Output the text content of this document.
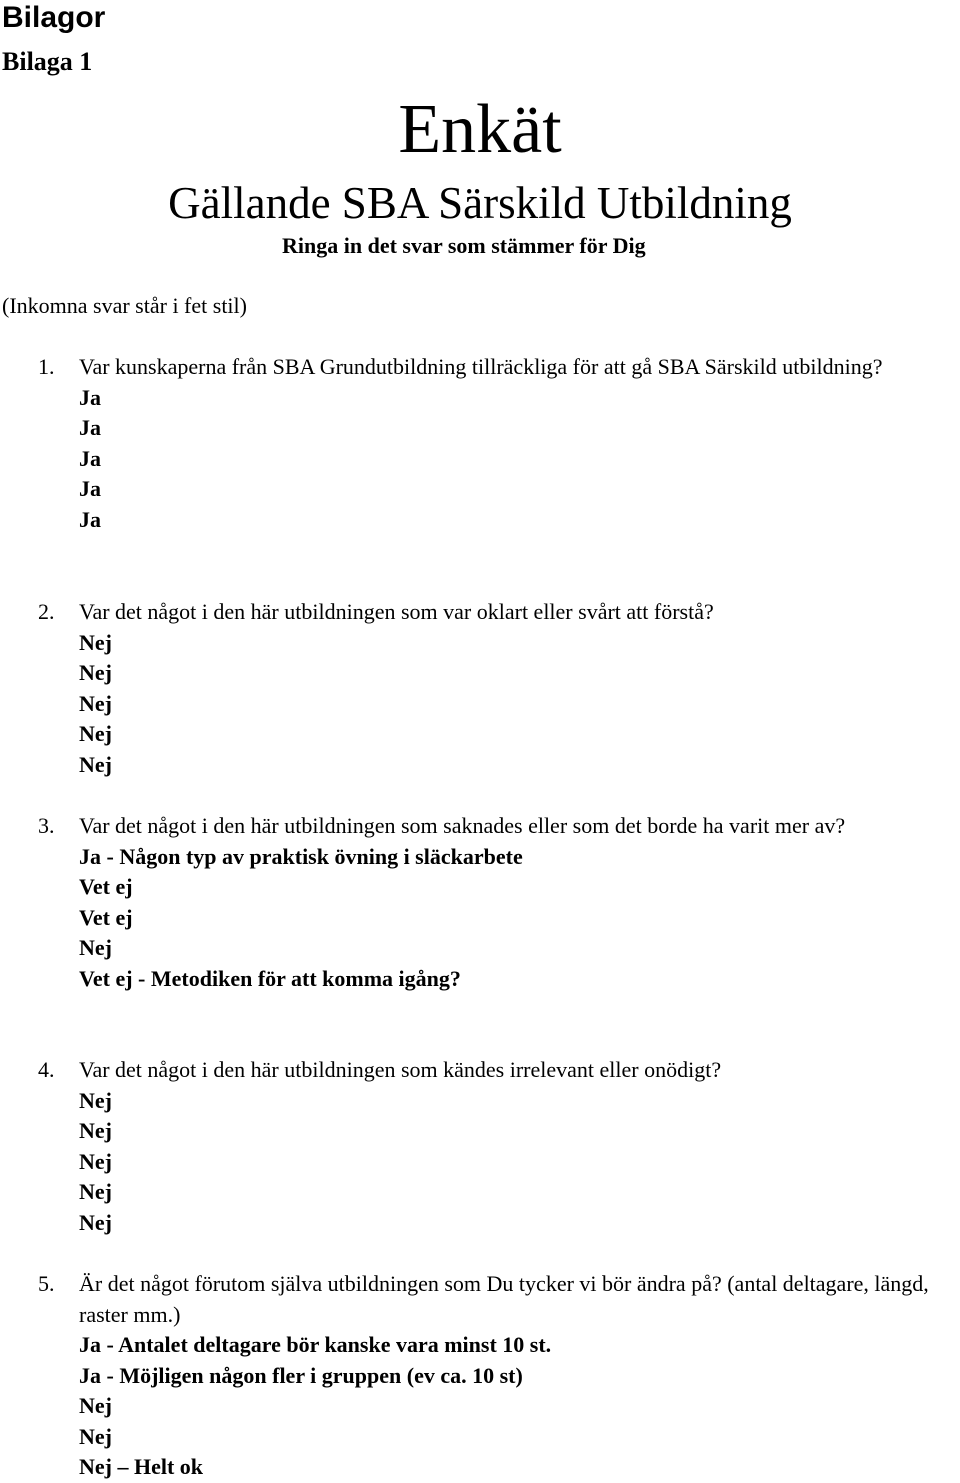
Bilagor
Bilaga 1
Enkät
Gällande SBA Särskild Utbildning

Ringa in det svar som stämmer för Dig

(Inkomna svar står i fet stil)

1. Var kunskaperna från SBA Grundutbildning tillräckliga för att gå SBA Särskild utbildning?

Ja
Ja
Ja
Ja
Ja
2. Var det något i den här utbildningen som var oklart eller svårt att förstå?

Nej
Nej
Nej
Nej
Nej
3. Var det något i den här utbildningen som saknades eller som det borde ha varit mer av?

Ja - Någon typ av praktisk övning i släckarbete
Vet ej
Vet ej
Nej
Vet ej - Metodiken för att komma igång?
4. Var det något i den här utbildningen som kändes irrelevant eller onödigt?

Nej
Nej
Nej
Nej
Nej
5. Är det något förutom själva utbildningen som Du tycker vi bör ändra på? (antal deltagare, längd, raster mm.)

Ja - Antalet deltagare bör kanske vara minst 10 st.
Ja - Möjligen någon fler i gruppen (ev ca. 10 st)
Nej
Nej
Nej – Helt ok
